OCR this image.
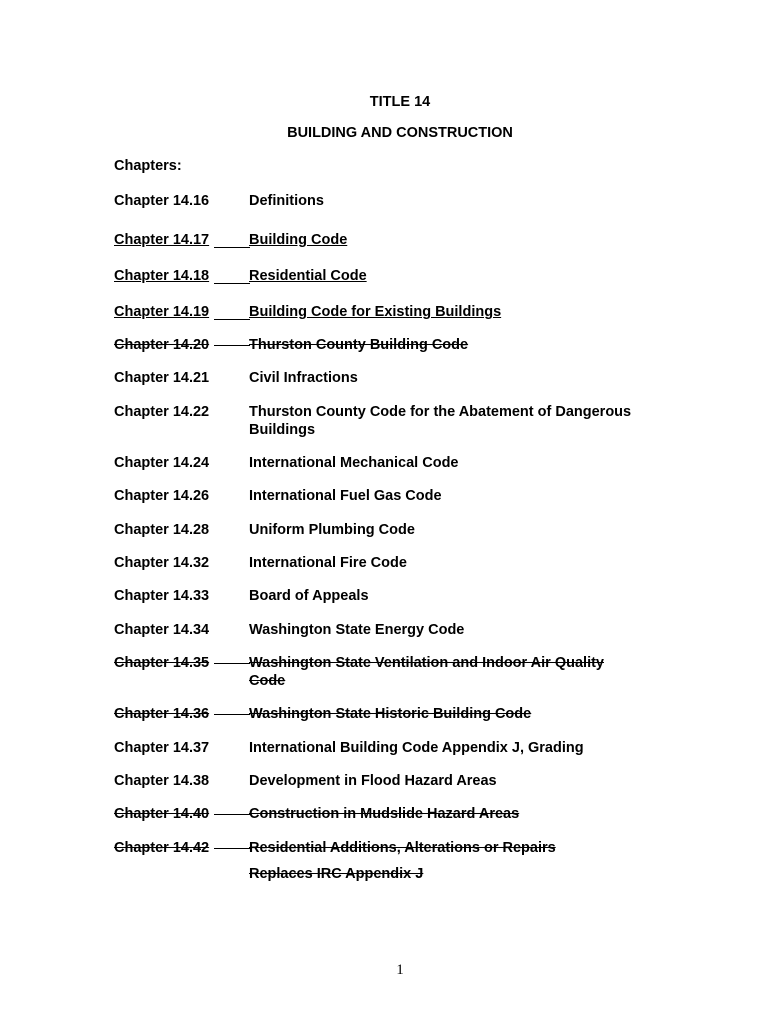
TITLE 14
BUILDING AND CONSTRUCTION
Chapters:
Chapter 14.16	Definitions
Chapter 14.17	Building Code
Chapter 14.18	Residential Code
Chapter 14.19	Building Code for Existing Buildings
Chapter 14.20	Thurston County Building Code
Chapter 14.21	Civil Infractions
Chapter 14.22	Thurston County Code for the Abatement of Dangerous
Buildings
Chapter 14.24	International Mechanical Code
Chapter 14.26	International Fuel Gas Code
Chapter 14.28	Uniform Plumbing Code
Chapter 14.32	International Fire Code
Chapter 14.33	Board of Appeals
Chapter 14.34	Washington State Energy Code
Chapter 14.35	Washington State Ventilation and Indoor Air Quality
Code
Chapter 14.36	Washington State Historic Building Code
Chapter 14.37	International Building Code Appendix J, Grading
Chapter 14.38	Development in Flood Hazard Areas
Chapter 14.40	Construction in Mudslide Hazard Areas
Chapter 14.42	Residential Additions, Alterations or Repairs
Replaces IRC Appendix J
1
